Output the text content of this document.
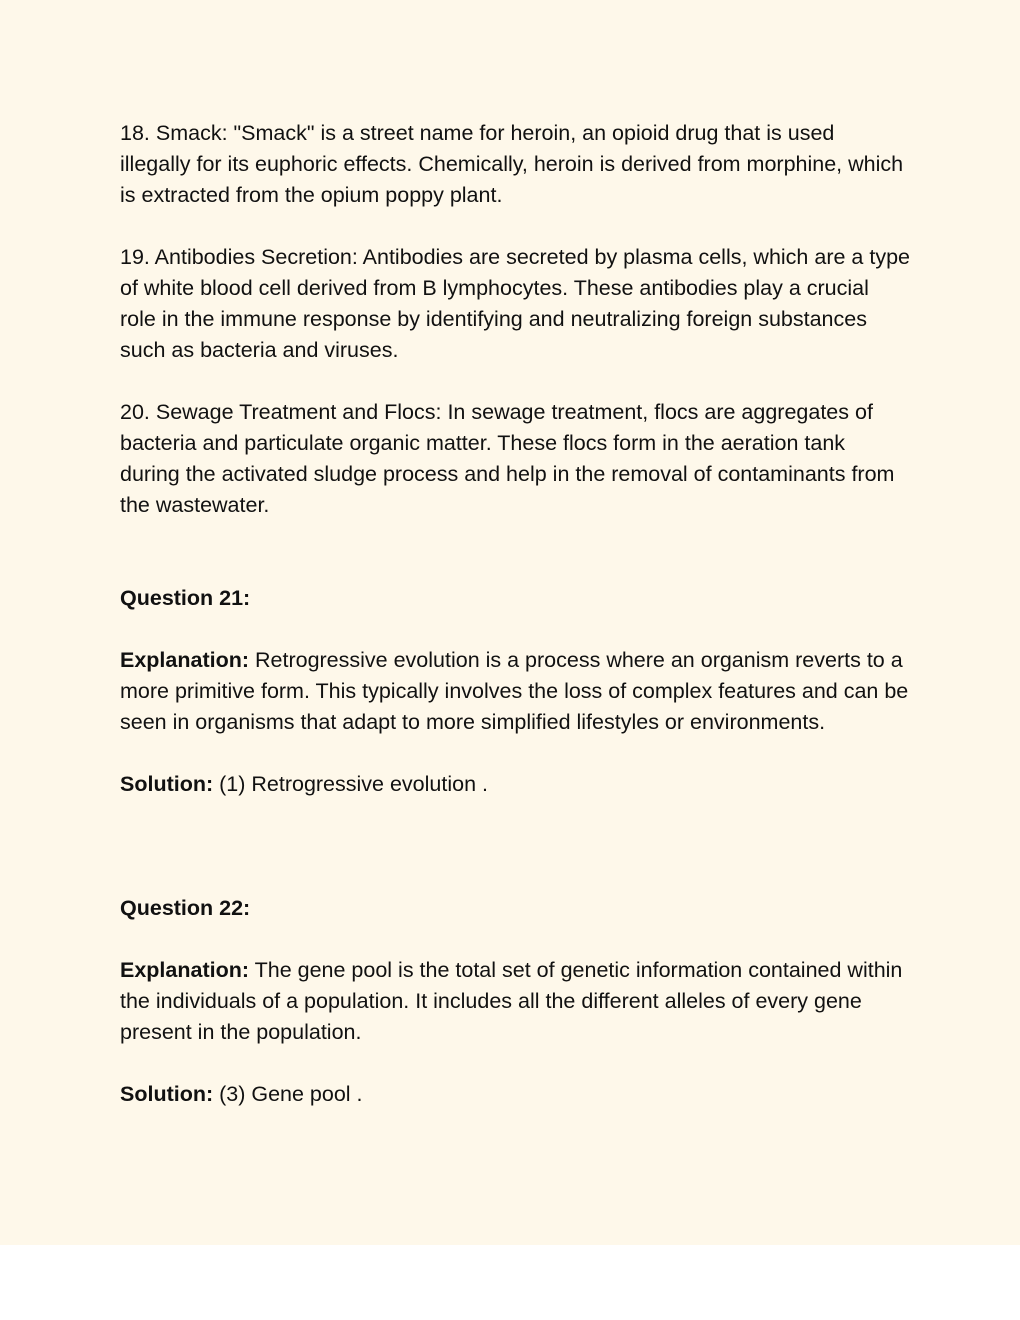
18. Smack: "Smack" is a street name for heroin, an opioid drug that is used illegally for its euphoric effects. Chemically, heroin is derived from morphine, which is extracted from the opium poppy plant.

19. Antibodies Secretion: Antibodies are secreted by plasma cells, which are a type of white blood cell derived from B lymphocytes. These antibodies play a crucial role in the immune response by identifying and neutralizing foreign substances such as bacteria and viruses.

20. Sewage Treatment and Flocs: In sewage treatment, flocs are aggregates of bacteria and particulate organic matter. These flocs form in the aeration tank during the activated sludge process and help in the removal of contaminants from the wastewater.

Question 21:

Explanation: Retrogressive evolution is a process where an organism reverts to a more primitive form. This typically involves the loss of complex features and can be seen in organisms that adapt to more simplified lifestyles or environments.

Solution: (1) Retrogressive evolution .

Question 22:

Explanation: The gene pool is the total set of genetic information contained within the individuals of a population. It includes all the different alleles of every gene present in the population.

Solution: (3) Gene pool .
